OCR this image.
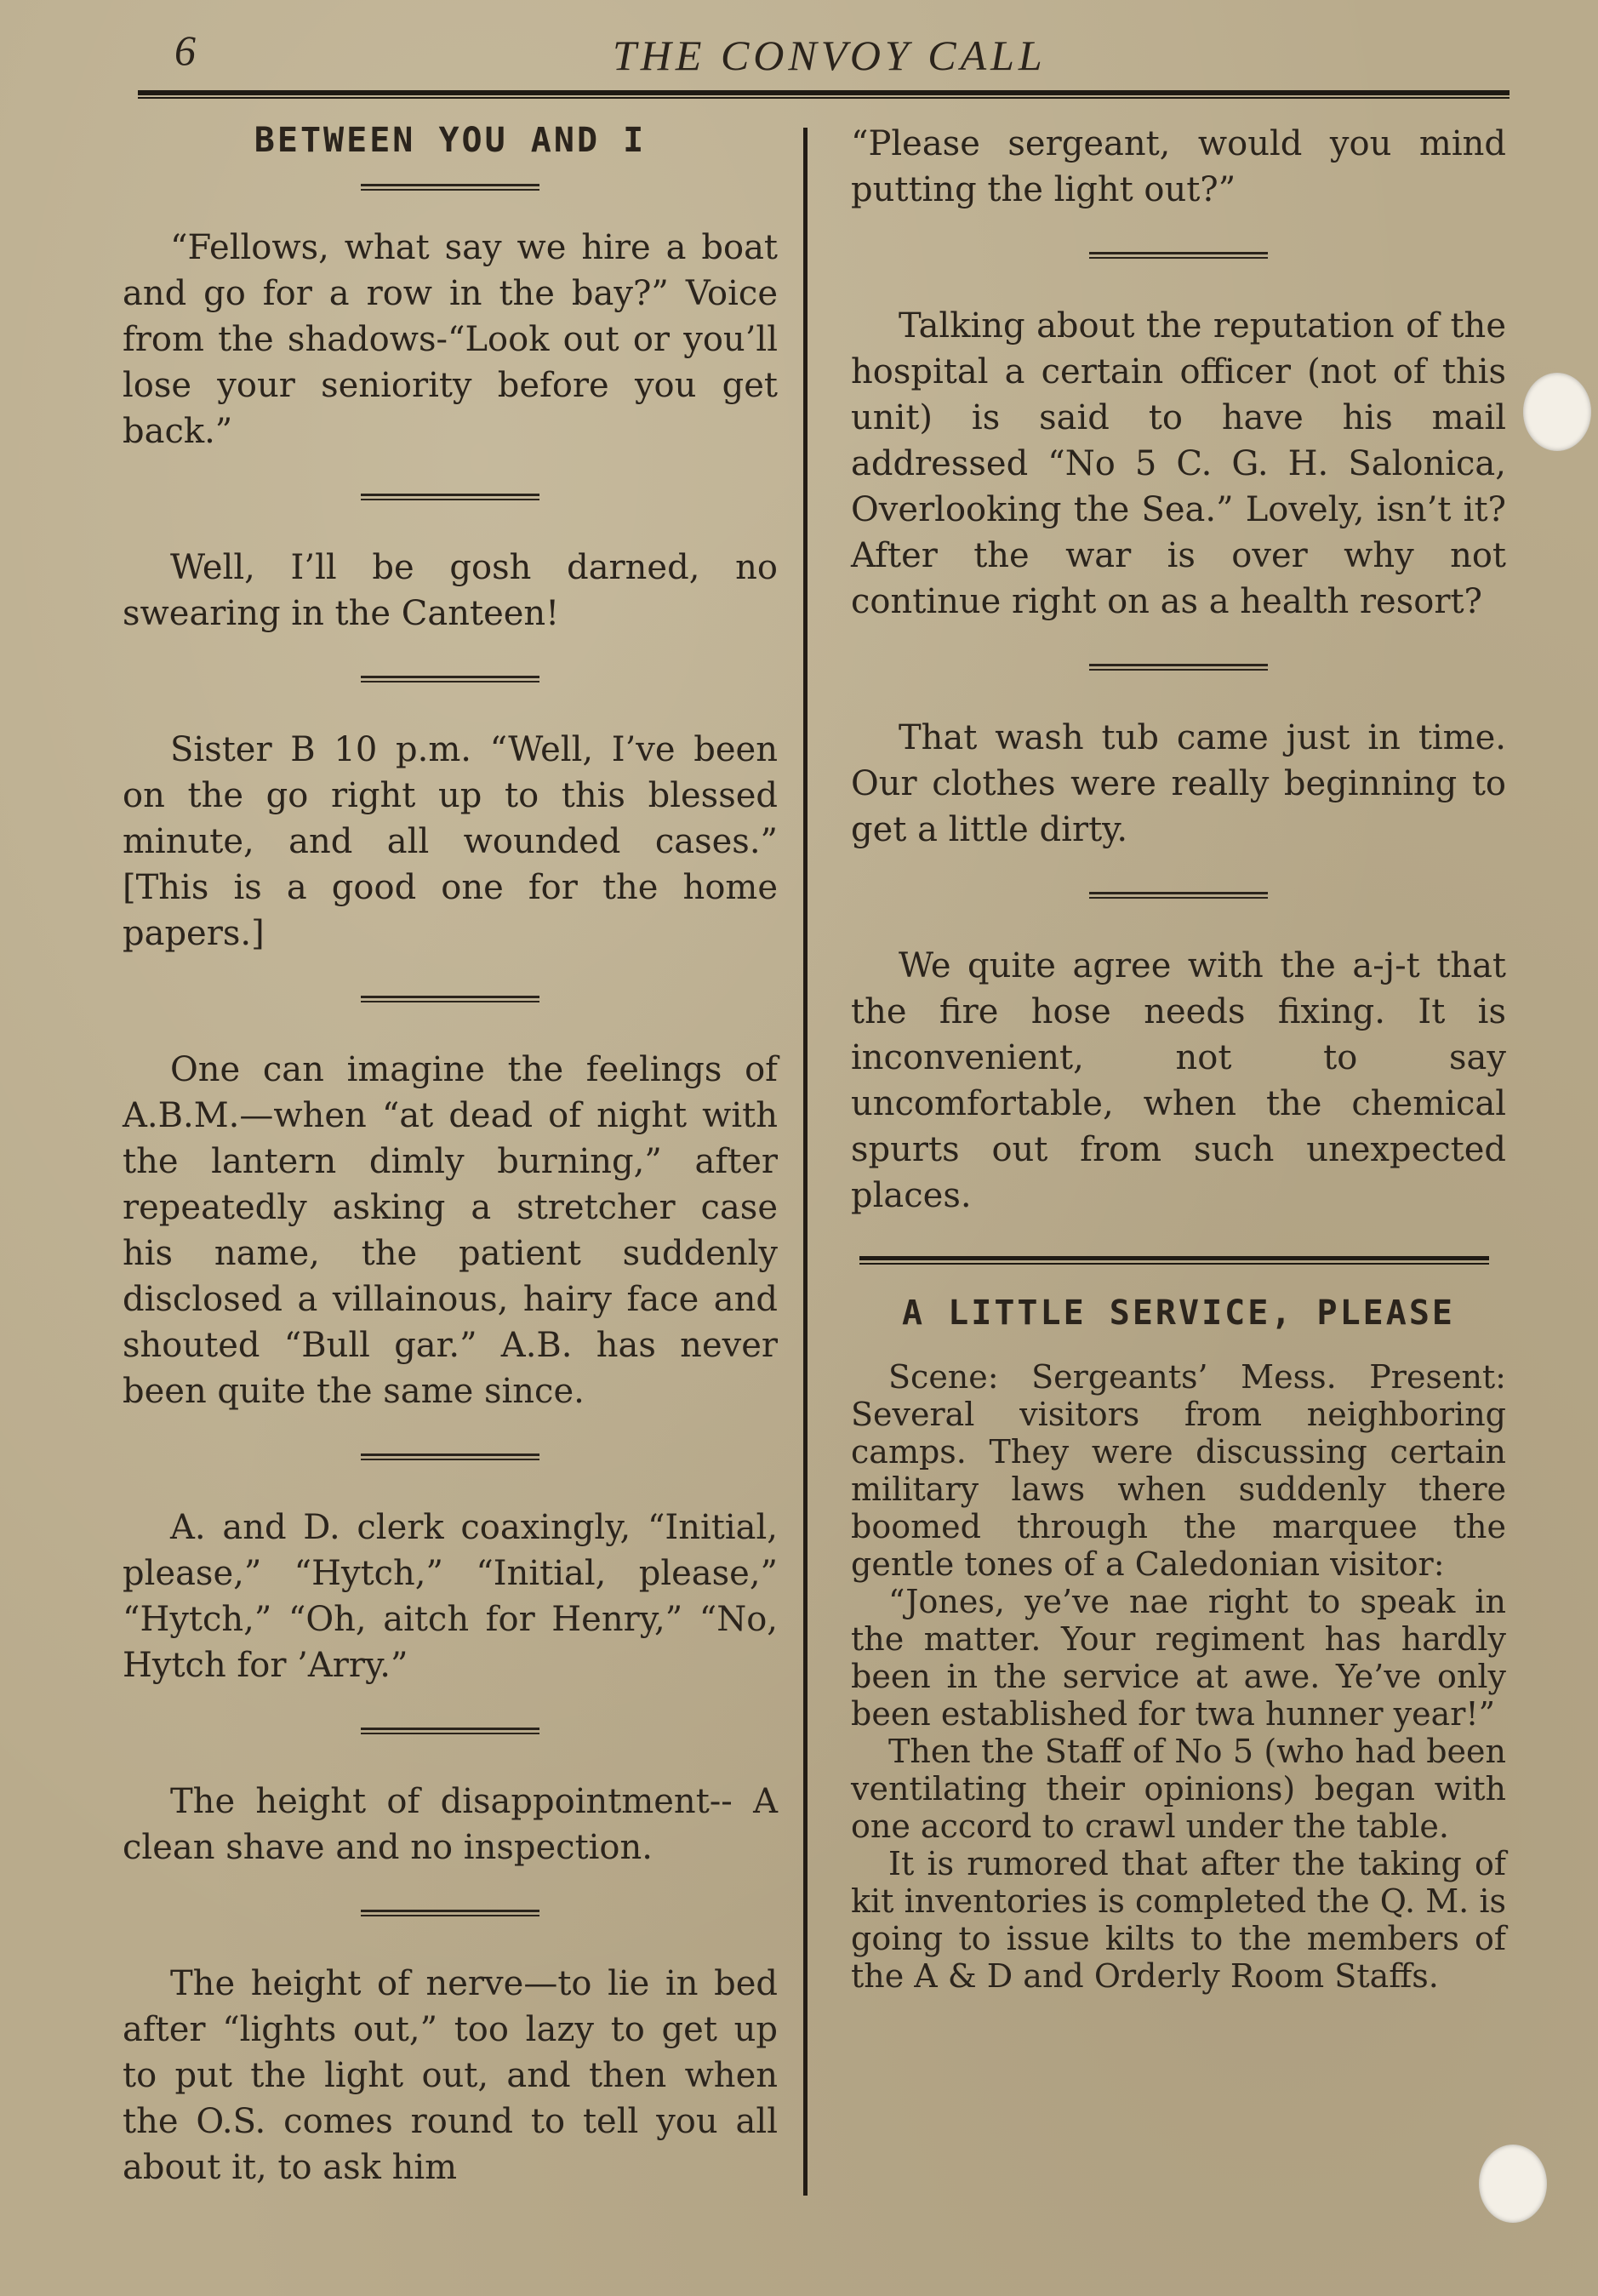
6	THE CONVOY CALL
BETWEEN YOU AND I

“Fellows, what say we hire a boat and go for a row in the bay?” Voice from the shadows-“Look out or you’ll lose your seniority before you get back.”

Well, I’ll be gosh darned, no swearing in the Canteen!

Sister B 10 p.m. “Well, I’ve been on the go right up to this blessed minute, and all wounded cases.” [This is a good one for the home papers.]

One can imagine the feelings of A.B.M.—when “at dead of night with the lantern dimly burning,” after repeatedly asking a stretcher case his name, the patient suddenly disclosed a villainous, hairy face and shouted “Bull gar.” A.B. has never been quite the same since.

A. and D. clerk coaxingly, “Initial, please,” “Hytch,” “Initial, please,” “Hytch,” “Oh, aitch for Henry,” “No, Hytch for ’Arry.”

The height of disappointment-- A clean shave and no inspection.

The height of nerve—to lie in bed after “lights out,” too lazy to get up to put the light out, and then when the O.S. comes round to tell you all about it, to ask him

“Please sergeant, would you mind putting the light out?”

Talking about the reputation of the hospital a certain officer (not of this unit) is said to have his mail addressed “No 5 C. G. H. Salonica, Overlooking the Sea.” Lovely, isn’t it? After the war is over why not continue right on as a health resort?

That wash tub came just in time. Our clothes were really beginning to get a little dirty.

We quite agree with the a-j-t that the fire hose needs fixing. It is inconvenient, not to say uncomfortable, when the chemical spurts out from such unexpected places.

A LITTLE SERVICE, PLEASE

Scene: Sergeants’ Mess. Present: Several visitors from neighboring camps. They were discussing certain military laws when suddenly there boomed through the marquee the gentle tones of a Caledonian visitor:

“Jones, ye’ve nae right to speak in the matter. Your regiment has hardly been in the service at awe. Ye’ve only been established for twa hunner year!”

Then the Staff of No 5 (who had been ventilating their opinions) began with one accord to crawl under the table.

It is rumored that after the taking of kit inventories is completed the Q. M. is going to issue kilts to the members of the A & D and Orderly Room Staffs.
